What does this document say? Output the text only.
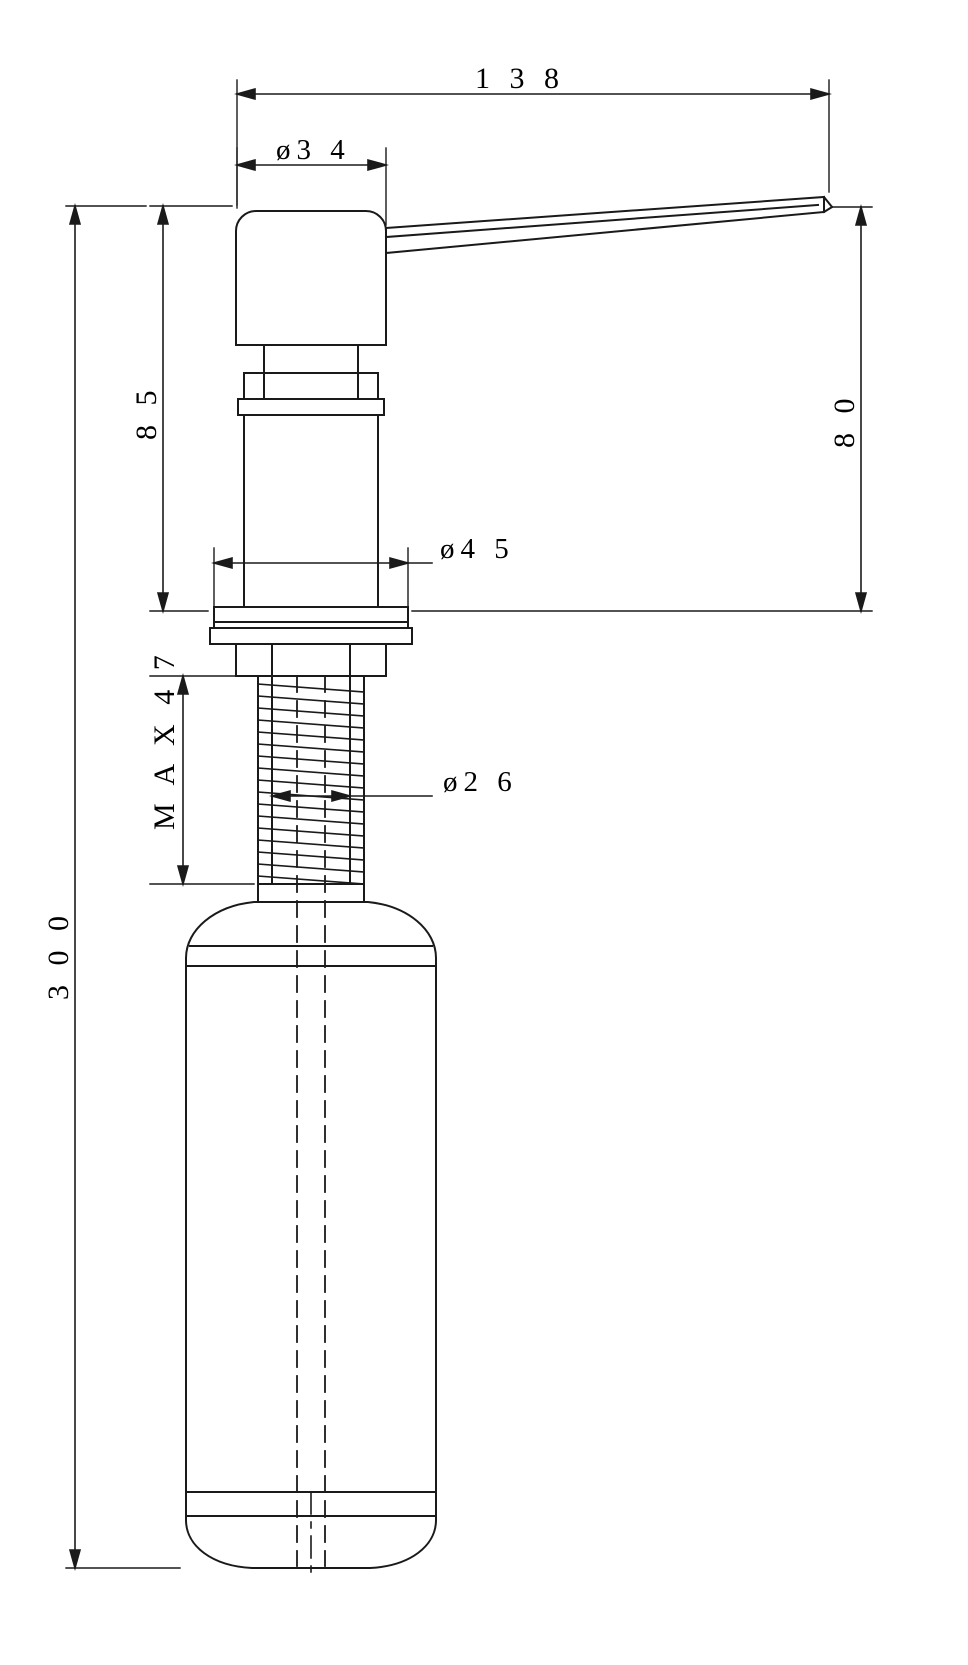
1 3 8
ø3 4
8 5	8 0
ø4 5
M A X 4 7	ø2 6
3 0 0
